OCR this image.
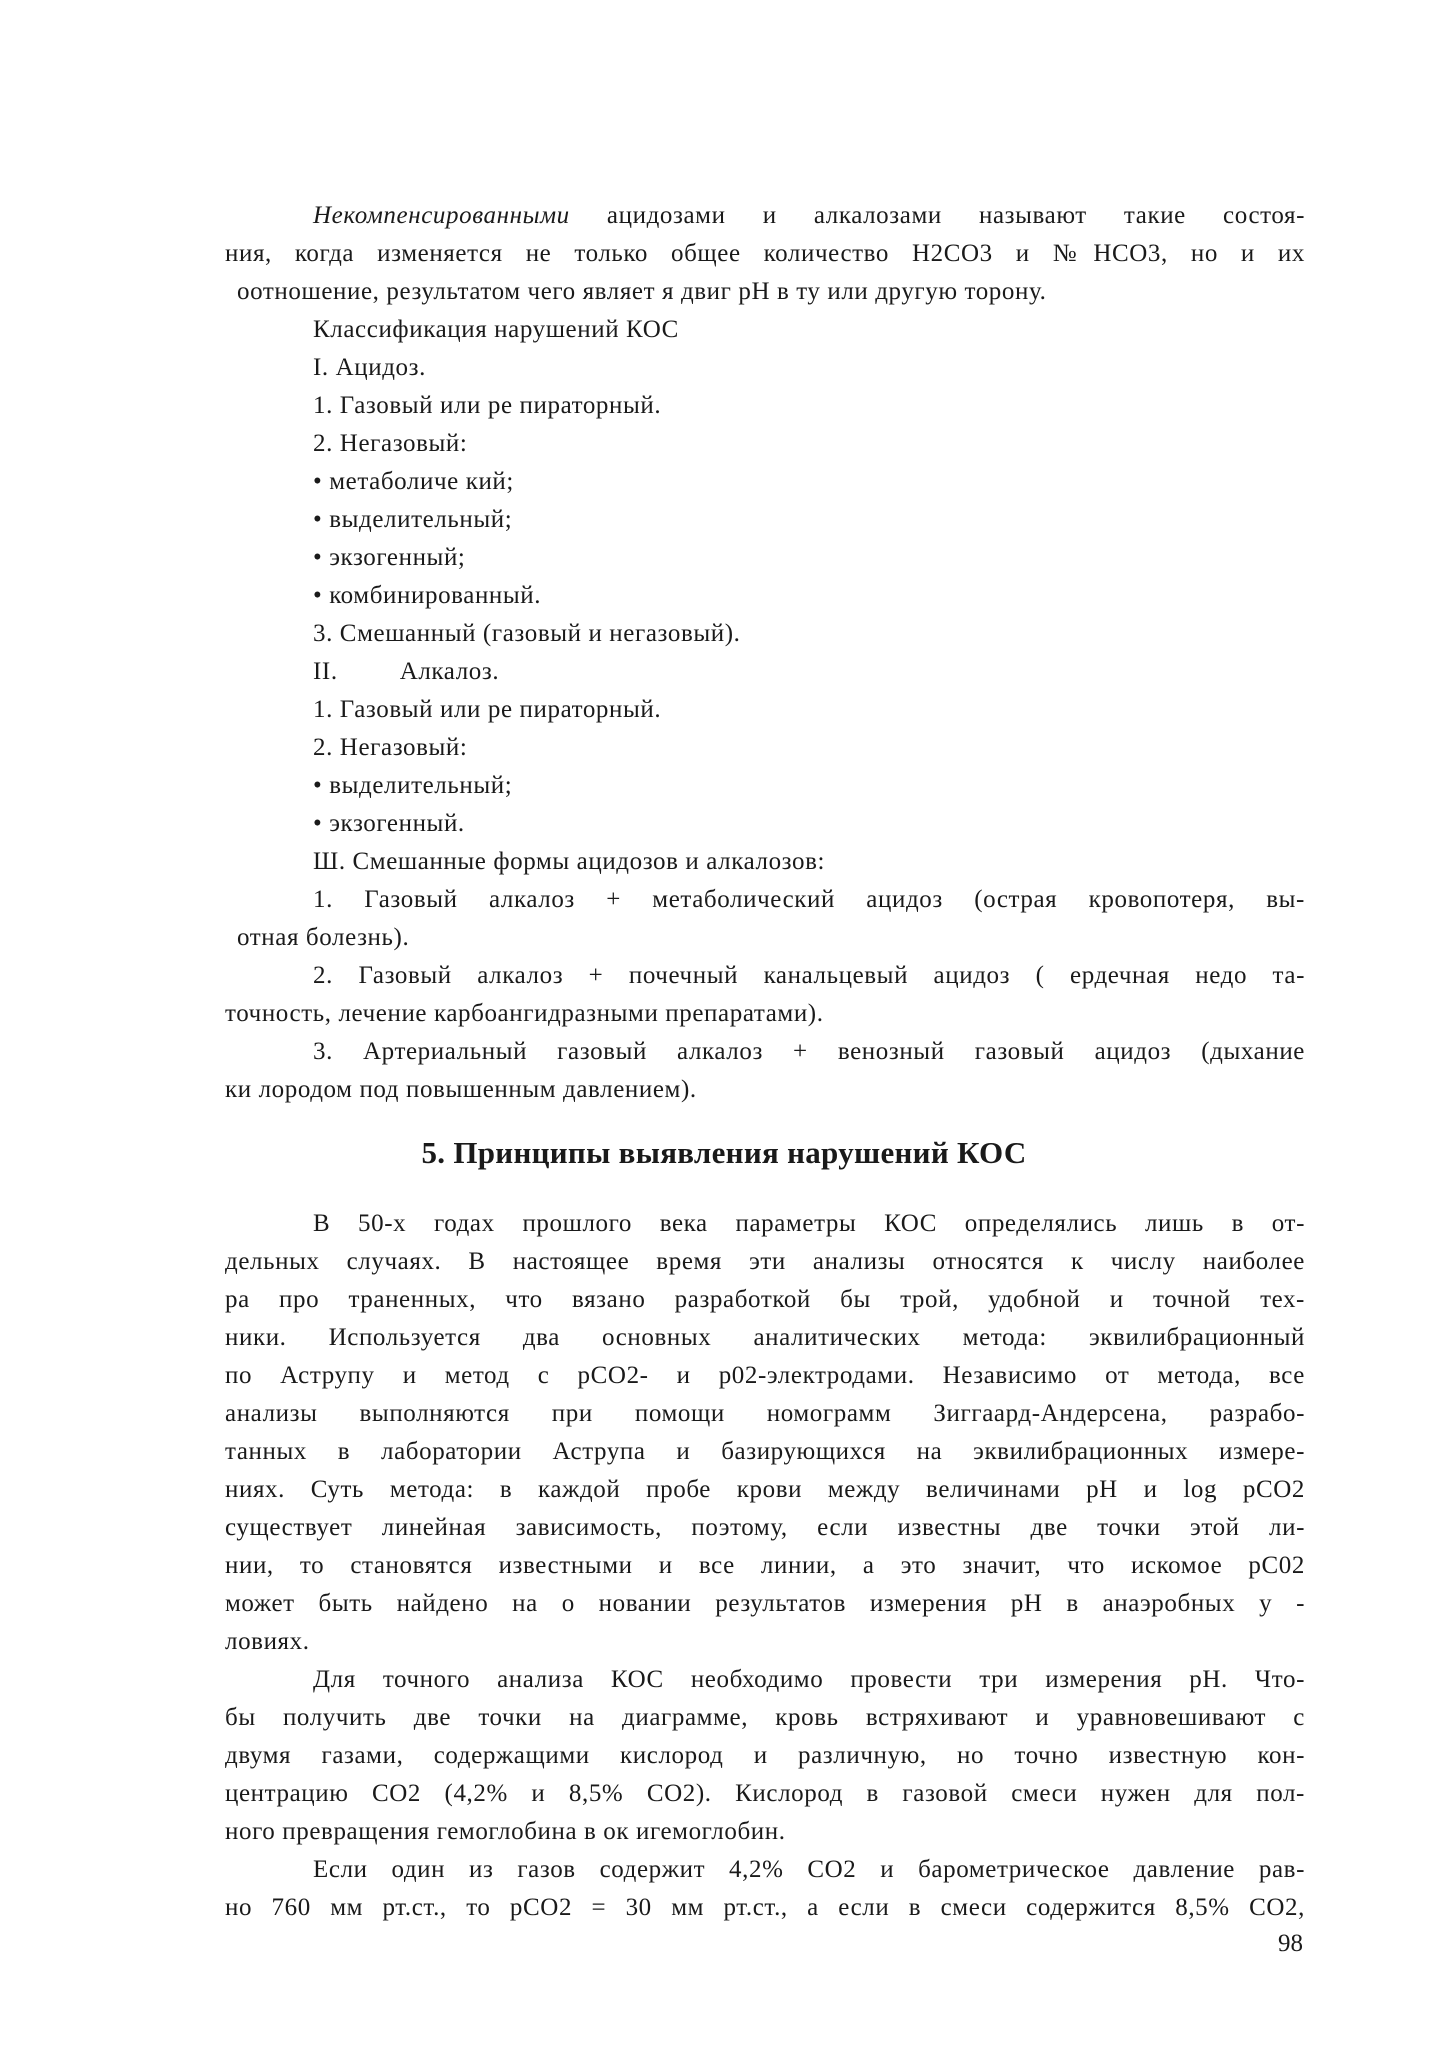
Некомпенсированными ацидозами и алкалозами называют такие состоя-
ния, когда изменяется не только общее количество H2CO3 и №HCO3, но и их
оотношение, результатом чего являет я двиг pH в ту или другую торону.
Классификация нарушений КОС
I. Ацидоз.
1. Газовый или ре пираторный.
2. Негазовый:
• метаболиче кий;
• выделительный;
• экзогенный;
• комбинированный.
3. Смешанный (газовый и негазовый).
II. Алкалоз.
1. Газовый или ре пираторный.
2. Негазовый:
• выделительный;
• экзогенный.
Ш. Смешанные формы ацидозов и алкалозов:
1. Газовый алкалоз + метаболический ацидоз (острая кровопотеря, вы-
отная болезнь).
2. Газовый алкалоз + почечный канальцевый ацидоз ( ердечная недо та-
точность, лечение карбоангидразными препаратами).
3. Артериальный газовый алкалоз + венозный газовый ацидоз (дыхание
ки лородом под повышенным давлением).
5. Принципы выявления нарушений КОС
В 50-х годах прошлого века параметры КОС определялись лишь в от-
дельных случаях. В настоящее время эти анализы относятся к числу наиболее
ра про траненных, что вязано разработкой бы трой, удобной и точной тех-
ники. Используется два основных аналитических метода: эквилибрационный
по Аструпу и метод с pCO2- и p02-электродами. Независимо от метода, все
анализы выполняются при помощи номограмм Зиггаард-Андерсена, разрабо-
танных в лаборатории Аструпа и базирующихся на эквилибрационных измере-
ниях. Суть метода: в каждой пробе крови между величинами pH и log pCO2
существует линейная зависимость, поэтому, если известны две точки этой ли-
нии, то становятся известными и все линии, а это значит, что искомое pC02
может быть найдено на о новании результатов измерения pH в анаэробных у -
ловиях.
Для точного анализа КОС необходимо провести три измерения pH. Что-
бы получить две точки на диаграмме, кровь встряхивают и уравновешивают с
двумя газами, содержащими кислород и различную, но точно известную кон-
центрацию CO2 (4,2% и 8,5% CO2). Кислород в газовой смеси нужен для пол-
ного превращения гемоглобина в ок игемоглобин.
Если один из газов содержит 4,2% CO2 и барометрическое давление рав-
но 760 мм рт.ст., то pCO2 = 30 мм рт.ст., а если в смеси содержится 8,5% CO2,
98
